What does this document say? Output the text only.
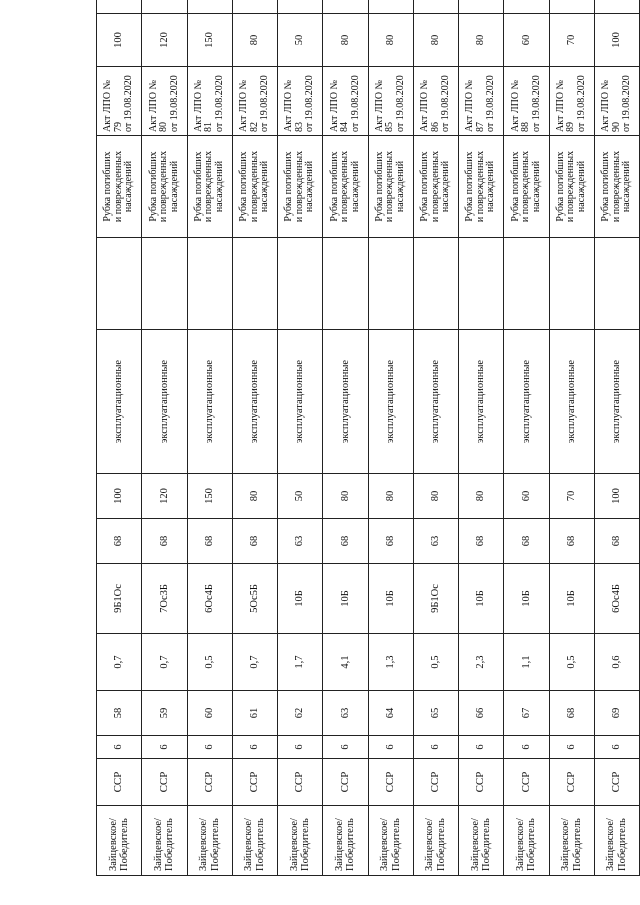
Зайцевское/
Победитель	ССР	6	58	0,7	9Б1Ос	68	100	эксплуатационные		Рубка погибших
и поврежденных
насаждений	Акт ЛПО № 79
от 19.08.2020	100		
Зайцевское/
Победитель	ССР	6	59	0,7	7Ос3Б	68	120	эксплуатационные		Рубка погибших
и поврежденных
насаждений	Акт ЛПО № 80
от 19.08.2020	120		
Зайцевское/
Победитель	ССР	6	60	0,5	6Ос4Б	68	150	эксплуатационные		Рубка погибших
и поврежденных
насаждений	Акт ЛПО № 81
от 19.08.2020	150		
Зайцевское/
Победитель	ССР	6	61	0,7	5Ос5Б	68	80	эксплуатационные		Рубка погибших
и поврежденных
насаждений	Акт ЛПО № 82
от 19.08.2020	80		
Зайцевское/
Победитель	ССР	6	62	1,7	10Б	63	50	эксплуатационные		Рубка погибших
и поврежденных
насаждений	Акт ЛПО № 83
от 19.08.2020	50		
Зайцевское/
Победитель	ССР	6	63	4,1	10Б	68	80	эксплуатационные		Рубка погибших
и поврежденных
насаждений	Акт ЛПО № 84
от 19.08.2020	80		
Зайцевское/
Победитель	ССР	6	64	1,3	10Б	68	80	эксплуатационные		Рубка погибших
и поврежденных
насаждений	Акт ЛПО № 85
от 19.08.2020	80		
Зайцевское/
Победитель	ССР	6	65	0,5	9Б1Ос	63	80	эксплуатационные		Рубка погибших
и поврежденных
насаждений	Акт ЛПО № 86
от 19.08.2020	80		
Зайцевское/
Победитель	ССР	6	66	2,3	10Б	68	80	эксплуатационные		Рубка погибших
и поврежденных
насаждений	Акт ЛПО № 87
от 19.08.2020	80		
Зайцевское/
Победитель	ССР	6	67	1,1	10Б	68	60	эксплуатационные		Рубка погибших
и поврежденных
насаждений	Акт ЛПО № 88
от 19.08.2020	60		
Зайцевское/
Победитель	ССР	6	68	0,5	10Б	68	70	эксплуатационные		Рубка погибших
и поврежденных
насаждений	Акт ЛПО № 89
от 19.08.2020	70		
Зайцевское/
Победитель	ССР	6	69	0,6	6Ос4Б	68	100	эксплуатационные		Рубка погибших
и поврежденных
насаждений	Акт ЛПО № 90
от 19.08.2020	100		
